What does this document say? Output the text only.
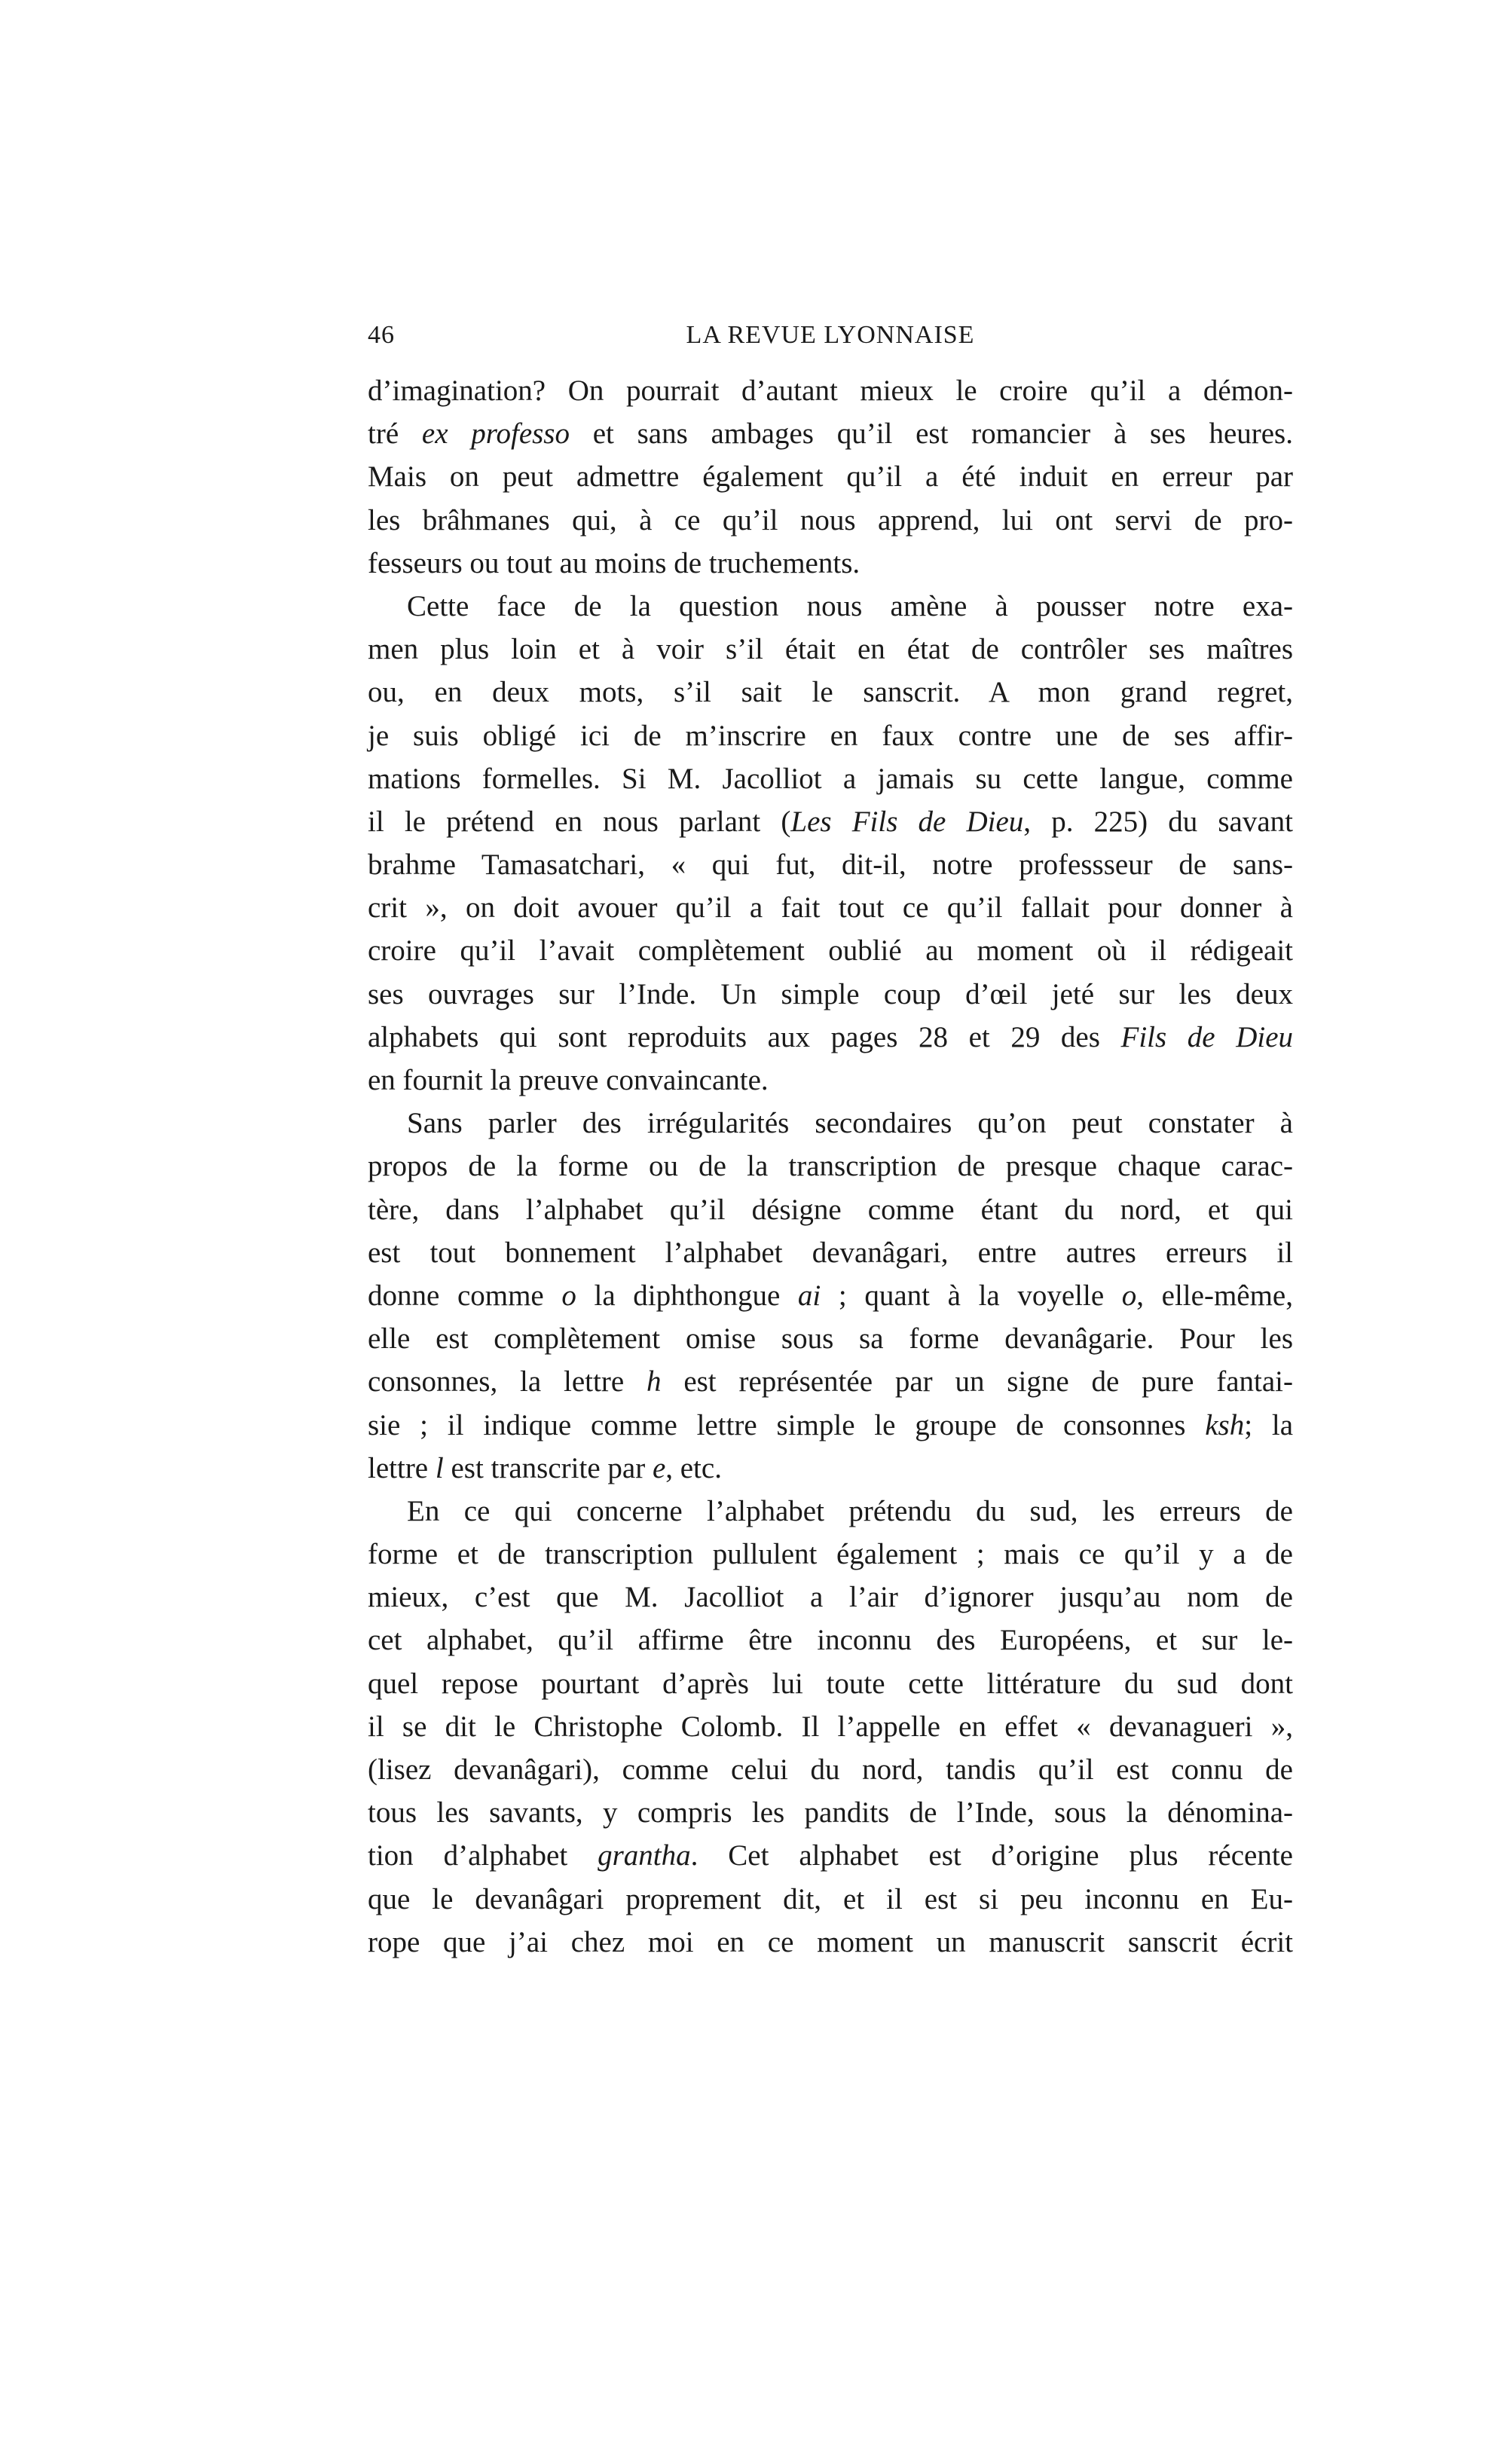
46	LA REVUE LYONNAISE
d’imagination? On pourrait d’autant mieux le croire qu’il a démon-
tré ex professo et sans ambages qu’il est romancier à ses heures.
Mais on peut admettre également qu’il a été induit en erreur par
les brâhmanes qui, à ce qu’il nous apprend, lui ont servi de pro-
fesseurs ou tout au moins de truchements.
Cette face de la question nous amène à pousser notre exa-
men plus loin et à voir s’il était en état de contrôler ses maîtres
ou, en deux mots, s’il sait le sanscrit. A mon grand regret,
je suis obligé ici de m’inscrire en faux contre une de ses affir-
mations formelles. Si M. Jacolliot a jamais su cette langue, comme
il le prétend en nous parlant (Les Fils de Dieu, p. 225) du savant
brahme Tamasatchari, « qui fut, dit-il, notre professseur de sans-
crit », on doit avouer qu’il a fait tout ce qu’il fallait pour donner à
croire qu’il l’avait complètement oublié au moment où il rédigeait
ses ouvrages sur l’Inde. Un simple coup d’œil jeté sur les deux
alphabets qui sont reproduits aux pages 28 et 29 des Fils de Dieu
en fournit la preuve convaincante.
Sans parler des irrégularités secondaires qu’on peut constater à
propos de la forme ou de la transcription de presque chaque carac-
tère, dans l’alphabet qu’il désigne comme étant du nord, et qui
est tout bonnement l’alphabet devanâgari, entre autres erreurs il
donne comme o la diphthongue ai ; quant à la voyelle o, elle-même,
elle est complètement omise sous sa forme devanâgarie. Pour les
consonnes, la lettre h est représentée par un signe de pure fantai-
sie ; il indique comme lettre simple le groupe de consonnes ksh; la
lettre l est transcrite par e, etc.
En ce qui concerne l’alphabet prétendu du sud, les erreurs de
forme et de transcription pullulent également ; mais ce qu’il y a de
mieux, c’est que M. Jacolliot a l’air d’ignorer jusqu’au nom de
cet alphabet, qu’il affirme être inconnu des Européens, et sur le-
quel repose pourtant d’après lui toute cette littérature du sud dont
il se dit le Christophe Colomb. Il l’appelle en effet « devanagueri »,
(lisez devanâgari), comme celui du nord, tandis qu’il est connu de
tous les savants, y compris les pandits de l’Inde, sous la dénomina-
tion d’alphabet grantha. Cet alphabet est d’origine plus récente
que le devanâgari proprement dit, et il est si peu inconnu en Eu-
rope que j’ai chez moi en ce moment un manuscrit sanscrit écrit
